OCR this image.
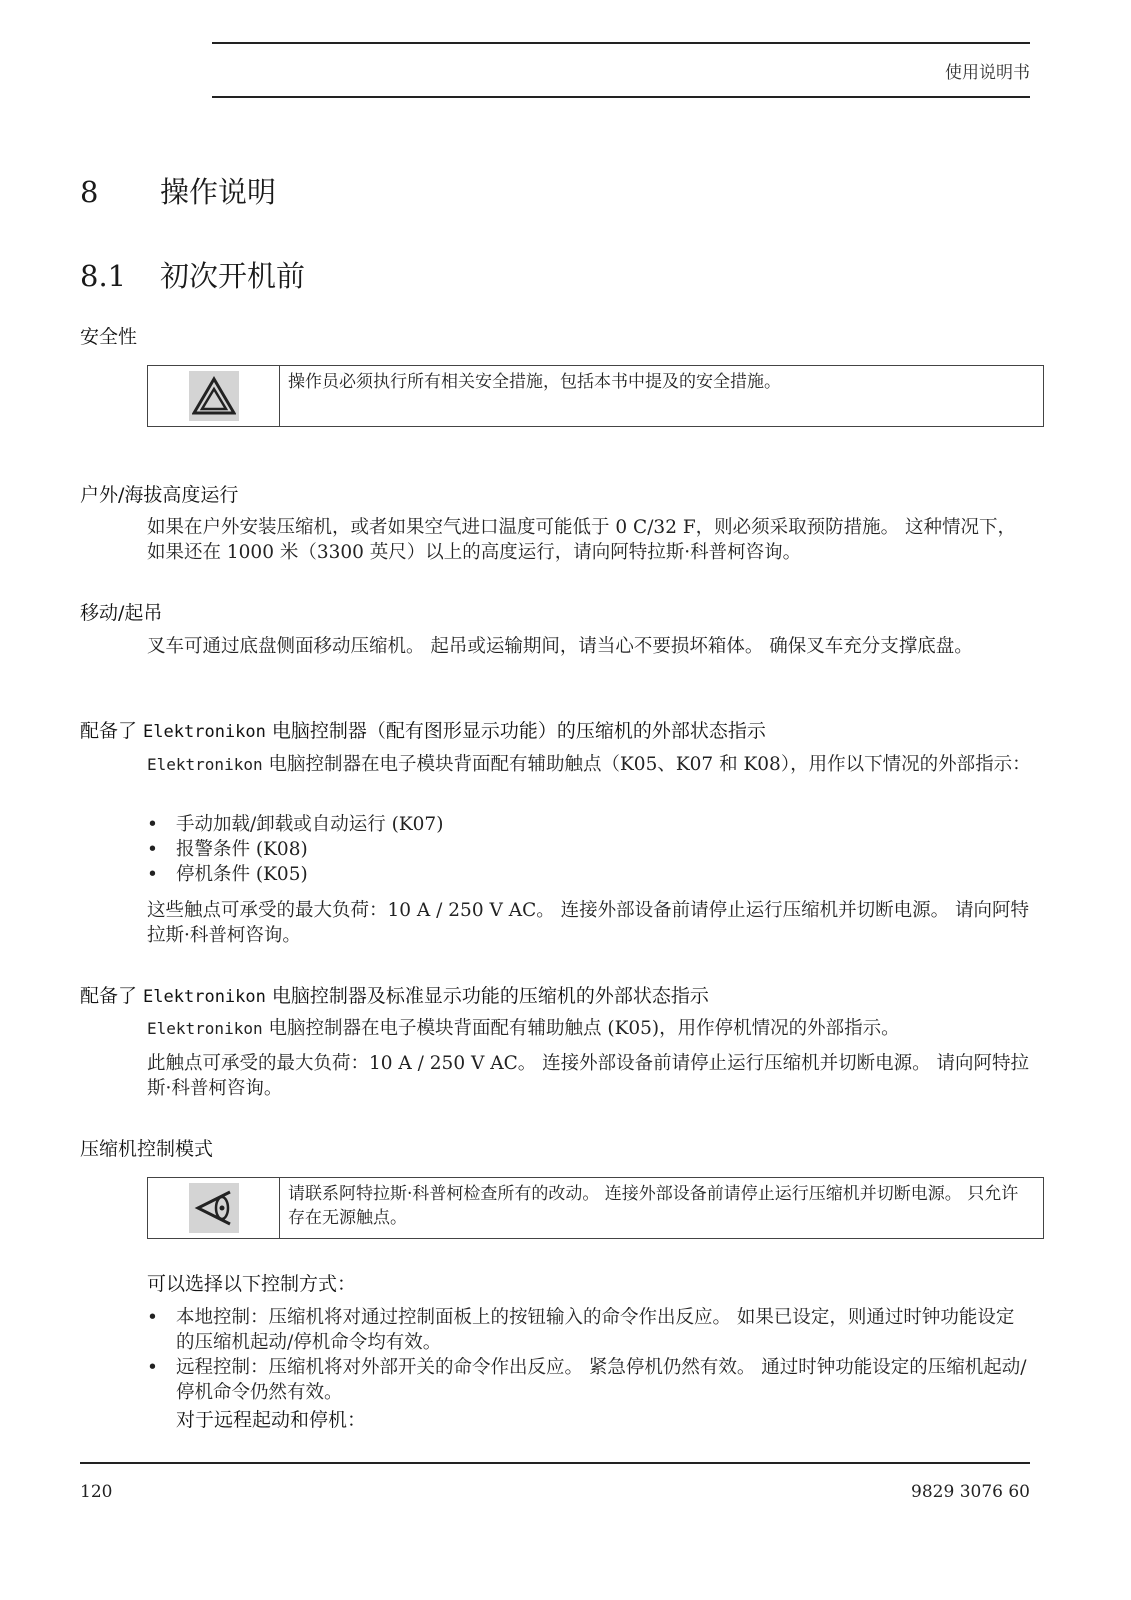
使用说明书
8 操作说明
8.1 初次开机前
安全性
操作员必须执行所有相关安全措施，包括本书中提及的安全措施。
户外/海拔高度运行
如果在户外安装压缩机，或者如果空气进口温度可能低于 0 C/32 F，则必须采取预防措施。 这种情况下，如果还在 1000 米（3300 英尺）以上的高度运行，请向阿特拉斯·科普柯咨询。
移动/起吊
叉车可通过底盘侧面移动压缩机。 起吊或运输期间，请当心不要损坏箱体。 确保叉车充分支撑底盘。
配备了 Elektronikon 电脑控制器（配有图形显示功能）的压缩机的外部状态指示
Elektronikon 电脑控制器在电子模块背面配有辅助触点（K05、K07 和 K08），用作以下情况的外部指示：
• 手动加载/卸载或自动运行 (K07)
• 报警条件 (K08)
• 停机条件 (K05)
这些触点可承受的最大负荷：10 A / 250 V AC。 连接外部设备前请停止运行压缩机并切断电源。 请向阿特拉斯·科普柯咨询。
配备了 Elektronikon 电脑控制器及标准显示功能的压缩机的外部状态指示
Elektronikon 电脑控制器在电子模块背面配有辅助触点 (K05)，用作停机情况的外部指示。
此触点可承受的最大负荷：10 A / 250 V AC。 连接外部设备前请停止运行压缩机并切断电源。 请向阿特拉斯·科普柯咨询。
压缩机控制模式
请联系阿特拉斯·科普柯检查所有的改动。 连接外部设备前请停止运行压缩机并切断电源。 只允许存在无源触点。
可以选择以下控制方式：
• 本地控制：压缩机将对通过控制面板上的按钮输入的命令作出反应。 如果已设定，则通过时钟功能设定的压缩机起动/停机命令均有效。
• 远程控制：压缩机将对外部开关的命令作出反应。 紧急停机仍然有效。 通过时钟功能设定的压缩机起动/停机命令仍然有效。
对于远程起动和停机：
120	9829 3076 60
